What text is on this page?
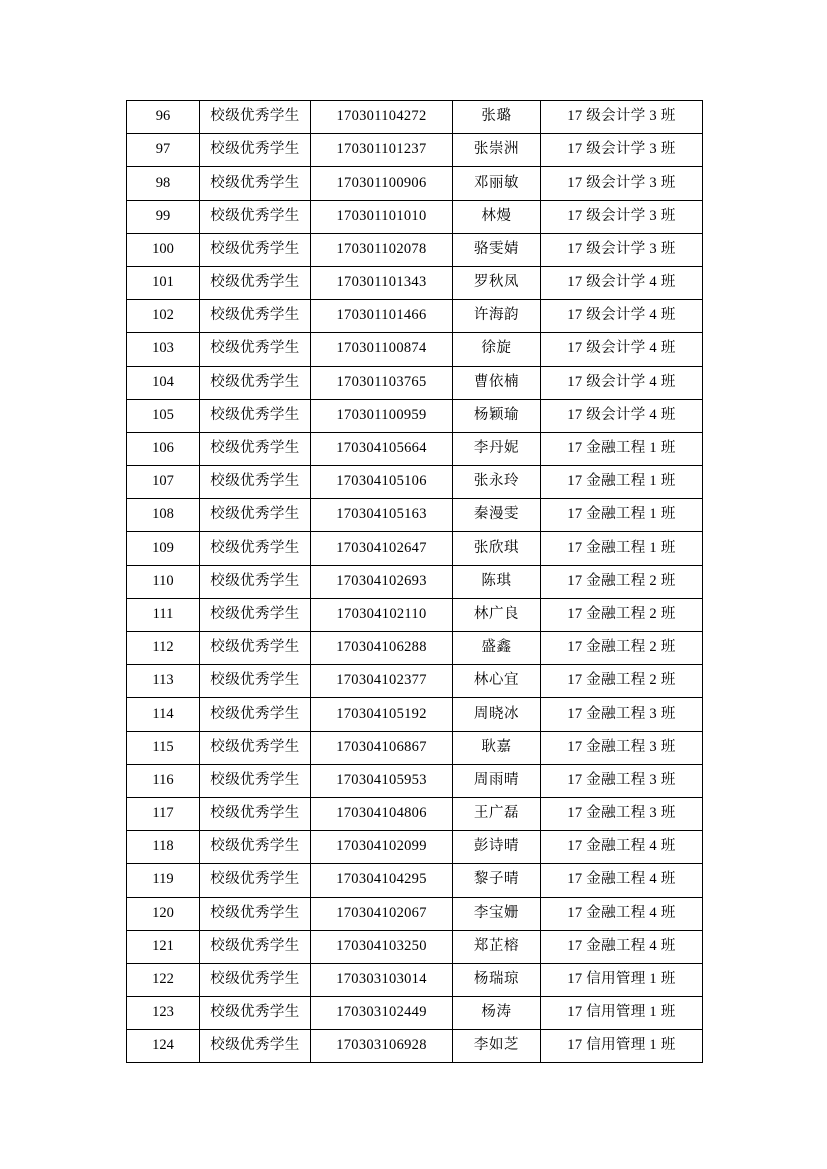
96	校级优秀学生	170301104272	张璐	17 级会计学 3 班
97	校级优秀学生	170301101237	张崇洲	17 级会计学 3 班
98	校级优秀学生	170301100906	邓丽敏	17 级会计学 3 班
99	校级优秀学生	170301101010	林熳	17 级会计学 3 班
100	校级优秀学生	170301102078	骆雯婧	17 级会计学 3 班
101	校级优秀学生	170301101343	罗秋凤	17 级会计学 4 班
102	校级优秀学生	170301101466	许海韵	17 级会计学 4 班
103	校级优秀学生	170301100874	徐旋	17 级会计学 4 班
104	校级优秀学生	170301103765	曹依楠	17 级会计学 4 班
105	校级优秀学生	170301100959	杨颖瑜	17 级会计学 4 班
106	校级优秀学生	170304105664	李丹妮	17 金融工程 1 班
107	校级优秀学生	170304105106	张永玲	17 金融工程 1 班
108	校级优秀学生	170304105163	秦漫雯	17 金融工程 1 班
109	校级优秀学生	170304102647	张欣琪	17 金融工程 1 班
110	校级优秀学生	170304102693	陈琪	17 金融工程 2 班
111	校级优秀学生	170304102110	林广良	17 金融工程 2 班
112	校级优秀学生	170304106288	盛鑫	17 金融工程 2 班
113	校级优秀学生	170304102377	林心宜	17 金融工程 2 班
114	校级优秀学生	170304105192	周晓冰	17 金融工程 3 班
115	校级优秀学生	170304106867	耿嘉	17 金融工程 3 班
116	校级优秀学生	170304105953	周雨晴	17 金融工程 3 班
117	校级优秀学生	170304104806	王广磊	17 金融工程 3 班
118	校级优秀学生	170304102099	彭诗晴	17 金融工程 4 班
119	校级优秀学生	170304104295	黎子晴	17 金融工程 4 班
120	校级优秀学生	170304102067	李宝姗	17 金融工程 4 班
121	校级优秀学生	170304103250	郑芷榕	17 金融工程 4 班
122	校级优秀学生	170303103014	杨瑞琼	17 信用管理 1 班
123	校级优秀学生	170303102449	杨涛	17 信用管理 1 班
124	校级优秀学生	170303106928	李如芝	17 信用管理 1 班
